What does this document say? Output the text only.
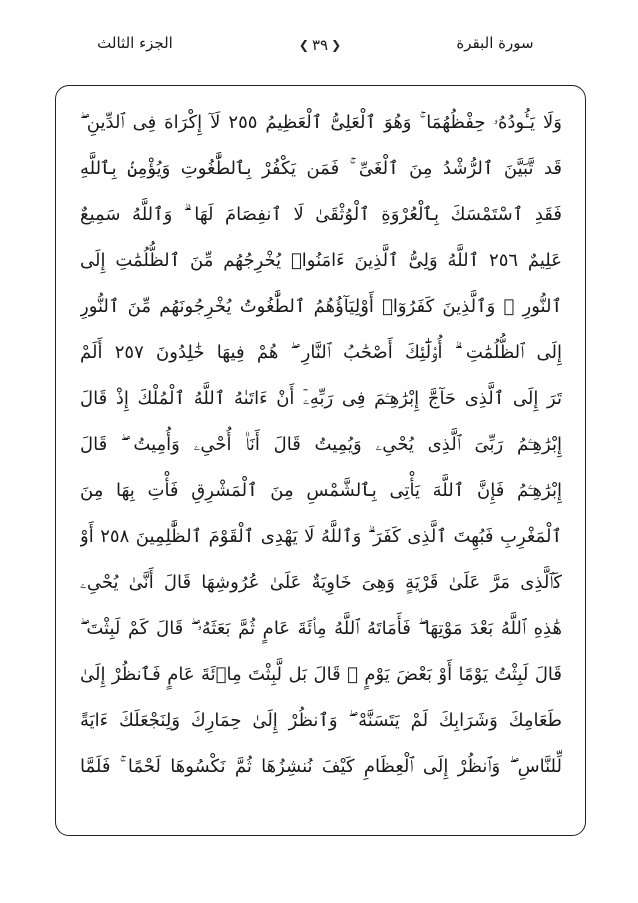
الجزء الثالث	❮ ٣٩ ❯	سورة البقرة
وَلَا يَـُٔودُهُۥ حِفْظُهُمَا ۚ وَهُوَ ٱلْعَلِىُّ ٱلْعَظِيمُ ٢٥٥ لَآ إِكْرَاهَ فِى ٱلدِّينِ ۖ
قَد تَّبَيَّنَ ٱلرُّشْدُ مِنَ ٱلْغَىِّ ۚ فَمَن يَكْفُرْ بِٱلطَّٰغُوتِ وَيُؤْمِنۢ بِٱللَّهِ
فَقَدِ ٱسْتَمْسَكَ بِٱلْعُرْوَةِ ٱلْوُثْقَىٰ لَا ٱنفِصَامَ لَهَا ۗ وَٱللَّهُ سَمِيعٌ
عَلِيمٌ ٢٥٦ ٱللَّهُ وَلِىُّ ٱلَّذِينَ ءَامَنُوا۟ يُخْرِجُهُم مِّنَ ٱلظُّلُمَٰتِ إِلَى
ٱلنُّورِ ۖ وَٱلَّذِينَ كَفَرُوٓا۟ أَوْلِيَآؤُهُمُ ٱلطَّٰغُوتُ يُخْرِجُونَهُم مِّنَ ٱلنُّورِ
إِلَى ٱلظُّلُمَٰتِ ۗ أُو۟لَٰٓئِكَ أَصْحَٰبُ ٱلنَّارِ ۖ هُمْ فِيهَا خَٰلِدُونَ ٢٥٧ أَلَمْ
تَرَ إِلَى ٱلَّذِى حَآجَّ إِبْرَٰهِـۧمَ فِى رَبِّهِۦٓ أَنْ ءَاتَىٰهُ ٱللَّهُ ٱلْمُلْكَ إِذْ قَالَ
إِبْرَٰهِـۧمُ رَبِّىَ ٱلَّذِى يُحْىِۦ وَيُمِيتُ قَالَ أَنَا۠ أُحْىِۦ وَأُمِيتُ ۖ قَالَ
إِبْرَٰهِـۧمُ فَإِنَّ ٱللَّهَ يَأْتِى بِٱلشَّمْسِ مِنَ ٱلْمَشْرِقِ فَأْتِ بِهَا مِنَ
ٱلْمَغْرِبِ فَبُهِتَ ٱلَّذِى كَفَرَ ۗ وَٱللَّهُ لَا يَهْدِى ٱلْقَوْمَ ٱلظَّٰلِمِينَ ٢٥٨ أَوْ
كَٱلَّذِى مَرَّ عَلَىٰ قَرْيَةٍ وَهِىَ خَاوِيَةٌ عَلَىٰ عُرُوشِهَا قَالَ أَنَّىٰ يُحْىِۦ
هَٰذِهِ ٱللَّهُ بَعْدَ مَوْتِهَا ۖ فَأَمَاتَهُ ٱللَّهُ مِا۟ئَةَ عَامٍ ثُمَّ بَعَثَهُۥ ۖ قَالَ كَمْ لَبِثْتَ ۖ
قَالَ لَبِثْتُ يَوْمًا أَوْ بَعْضَ يَوْمٍ ۖ قَالَ بَل لَّبِثْتَ مِا۟ئَةَ عَامٍ فَٱنظُرْ إِلَىٰ
طَعَامِكَ وَشَرَابِكَ لَمْ يَتَسَنَّهْ ۖ وَٱنظُرْ إِلَىٰ حِمَارِكَ وَلِنَجْعَلَكَ ءَايَةً
لِّلنَّاسِ ۖ وَٱنظُرْ إِلَى ٱلْعِظَامِ كَيْفَ نُنشِزُهَا ثُمَّ نَكْسُوهَا لَحْمًا ۚ فَلَمَّا
